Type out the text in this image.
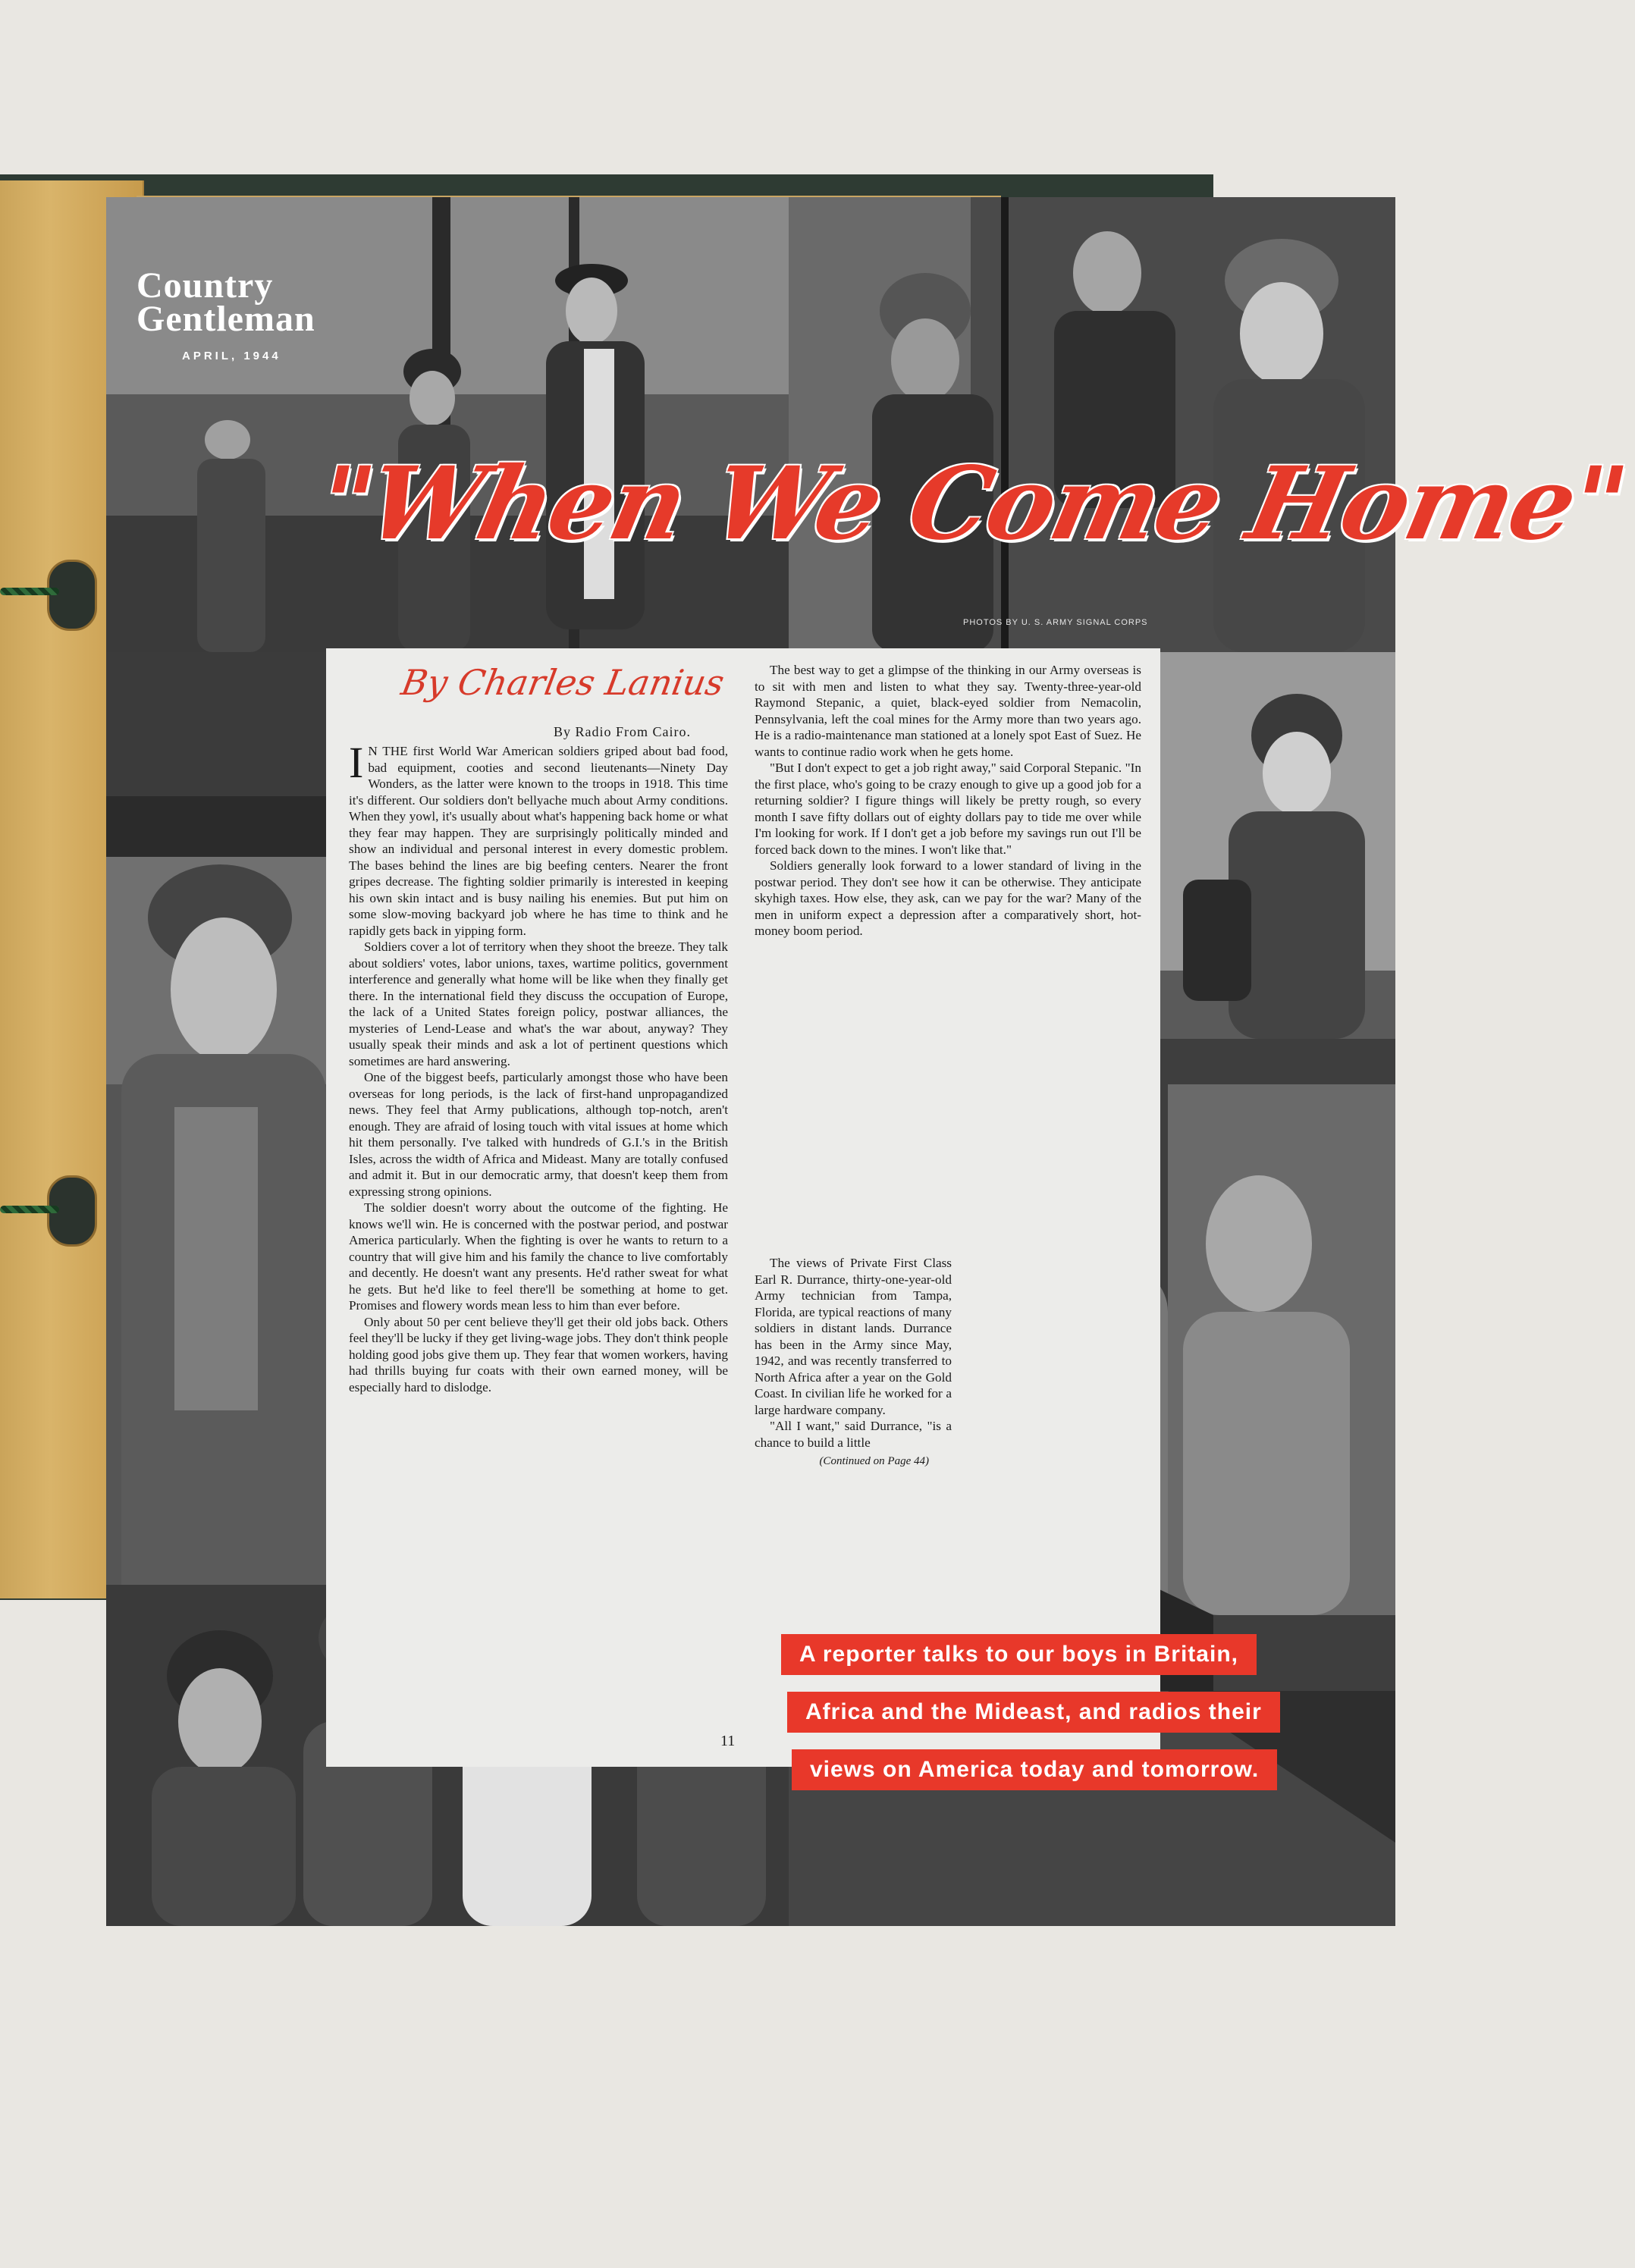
Country
Gentleman
APRIL, 1944
"When We Come Home"
PHOTOS BY U. S. ARMY SIGNAL CORPS
By Charles Lanius
By Radio From Cairo.

IN THE first World War American soldiers griped about bad food, bad equipment, cooties and second lieutenants—Ninety Day Wonders, as the latter were known to the troops in 1918. This time it's different. Our soldiers don't bellyache much about Army conditions. When they yowl, it's usually about what's happening back home or what they fear may happen. They are surprisingly politically minded and show an individual and personal interest in every domestic problem. The bases behind the lines are big beefing centers. Nearer the front gripes decrease. The fighting soldier primarily is interested in keeping his own skin intact and is busy nailing his enemies. But put him on some slow-moving backyard job where he has time to think and he rapidly gets back in yipping form.

Soldiers cover a lot of territory when they shoot the breeze. They talk about soldiers' votes, labor unions, taxes, wartime politics, government interference and generally what home will be like when they finally get there. In the international field they discuss the occupation of Europe, the lack of a United States foreign policy, postwar alliances, the mysteries of Lend-Lease and what's the war about, anyway? They usually speak their minds and ask a lot of pertinent questions which sometimes are hard answering.

One of the biggest beefs, particularly amongst those who have been overseas for long periods, is the lack of first-hand unpropagandized news. They feel that Army publications, although top-notch, aren't enough. They are afraid of losing touch with vital issues at home which hit them personally. I've talked with hundreds of G.I.'s in the British Isles, across the width of Africa and Mideast. Many are totally confused and admit it. But in our democratic army, that doesn't keep them from expressing strong opinions.

The soldier doesn't worry about the outcome of the fighting. He knows we'll win. He is concerned with the postwar period, and postwar America particularly. When the fighting is over he wants to return to a country that will give him and his family the chance to live comfortably and decently. He doesn't want any presents. He'd rather sweat for what he gets. But he'd like to feel there'll be something at home to get. Promises and flowery words mean less to him than ever before.

Only about 50 per cent believe they'll get their old jobs back. Others feel they'll be lucky if they get living-wage jobs. They don't think people holding good jobs give them up. They fear that women workers, having had thrills buying fur coats with their own earned money, will be especially hard to dislodge.

The best way to get a glimpse of the thinking in our Army overseas is to sit with men and listen to what they say. Twenty-three-year-old Raymond Stepanic, a quiet, black-eyed soldier from Nemacolin, Pennsylvania, left the coal mines for the Army more than two years ago. He is a radio-maintenance man stationed at a lonely spot East of Suez. He wants to continue radio work when he gets home.

"But I don't expect to get a job right away," said Corporal Stepanic. "In the first place, who's going to be crazy enough to give up a good job for a returning soldier? I figure things will likely be pretty rough, so every month I save fifty dollars out of eighty dollars pay to tide me over while I'm looking for work. If I don't get a job before my savings run out I'll be forced back down to the mines. I won't like that."

Soldiers generally look forward to a lower standard of living in the postwar period. They don't see how it can be otherwise. They anticipate skyhigh taxes. How else, they ask, can we pay for the war? Many of the men in uniform expect a depression after a comparatively short, hot-money boom period.

The views of Private First Class Earl R. Durrance, thirty-one-year-old Army technician from Tampa, Florida, are typical reactions of many soldiers in distant lands. Durrance has been in the Army since May, 1942, and was recently transferred to North Africa after a year on the Gold Coast. In civilian life he worked for a large hardware company.

"All I want," said Durrance, "is a chance to build a little

(Continued on Page 44)
11
A reporter talks to our boys in Britain,
Africa and the Mideast, and radios their
views on America today and tomorrow.
